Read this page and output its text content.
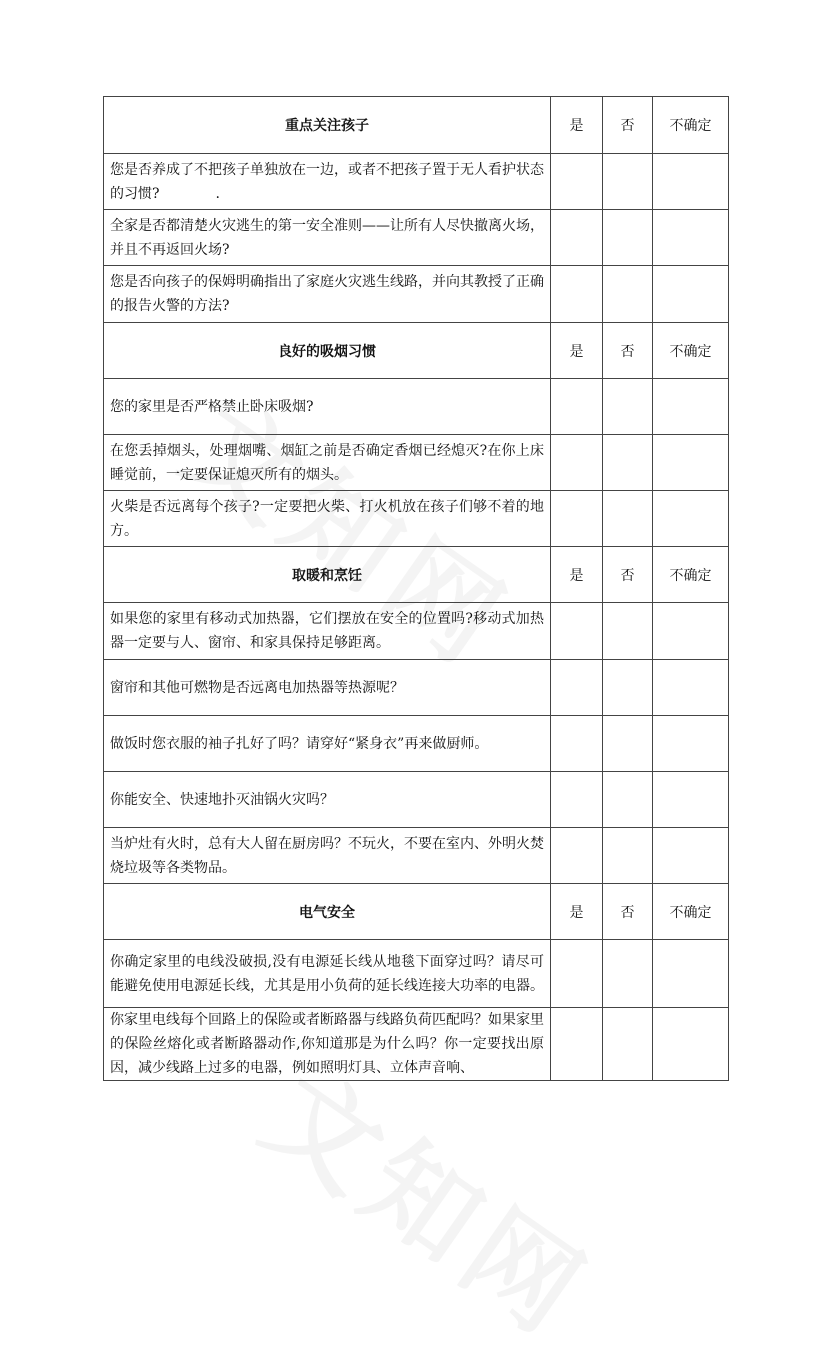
重点关注孩子	是	否	不确定
您是否养成了不把孩子单独放在一边，或者不把孩子置于无人看护状态的习惯?　　　　.			
全家是否都清楚火灾逃生的第一安全准则——让所有人尽快撤离火场，并且不再返回火场?			
您是否向孩子的保姆明确指出了家庭火灾逃生线路，并向其教授了正确的报告火警的方法?			
良好的吸烟习惯	是	否	不确定
您的家里是否严格禁止卧床吸烟?			
在您丢掉烟头，处理烟嘴、烟缸之前是否确定香烟已经熄灭?在你上床睡觉前，一定要保证熄灭所有的烟头。			
火柴是否远离每个孩子?一定要把火柴、打火机放在孩子们够不着的地方。			
取暖和烹饪	是	否	不确定
如果您的家里有移动式加热器，它们摆放在安全的位置吗?移动式加热器一定要与人、窗帘、和家具保持足够距离。			
窗帘和其他可燃物是否远离电加热器等热源呢？			
做饭时您衣服的袖子扎好了吗？请穿好“紧身衣”再来做厨师。			
你能安全、快速地扑灭油锅火灾吗？			
当炉灶有火时，总有大人留在厨房吗？不玩火，不要在室内、外明火焚烧垃圾等各类物品。			
电气安全	是	否	不确定
你确定家里的电线没破损,没有电源延长线从地毯下面穿过吗？请尽可能避免使用电源延长线，尤其是用小负荷的延长线连接大功率的电器。			
你家里电线每个回路上的保险或者断路器与线路负荷匹配吗？如果家里的保险丝熔化或者断路器动作,你知道那是为什么吗？你一定要找出原因，减少线路上过多的电器，例如照明灯具、立体声音响、			
